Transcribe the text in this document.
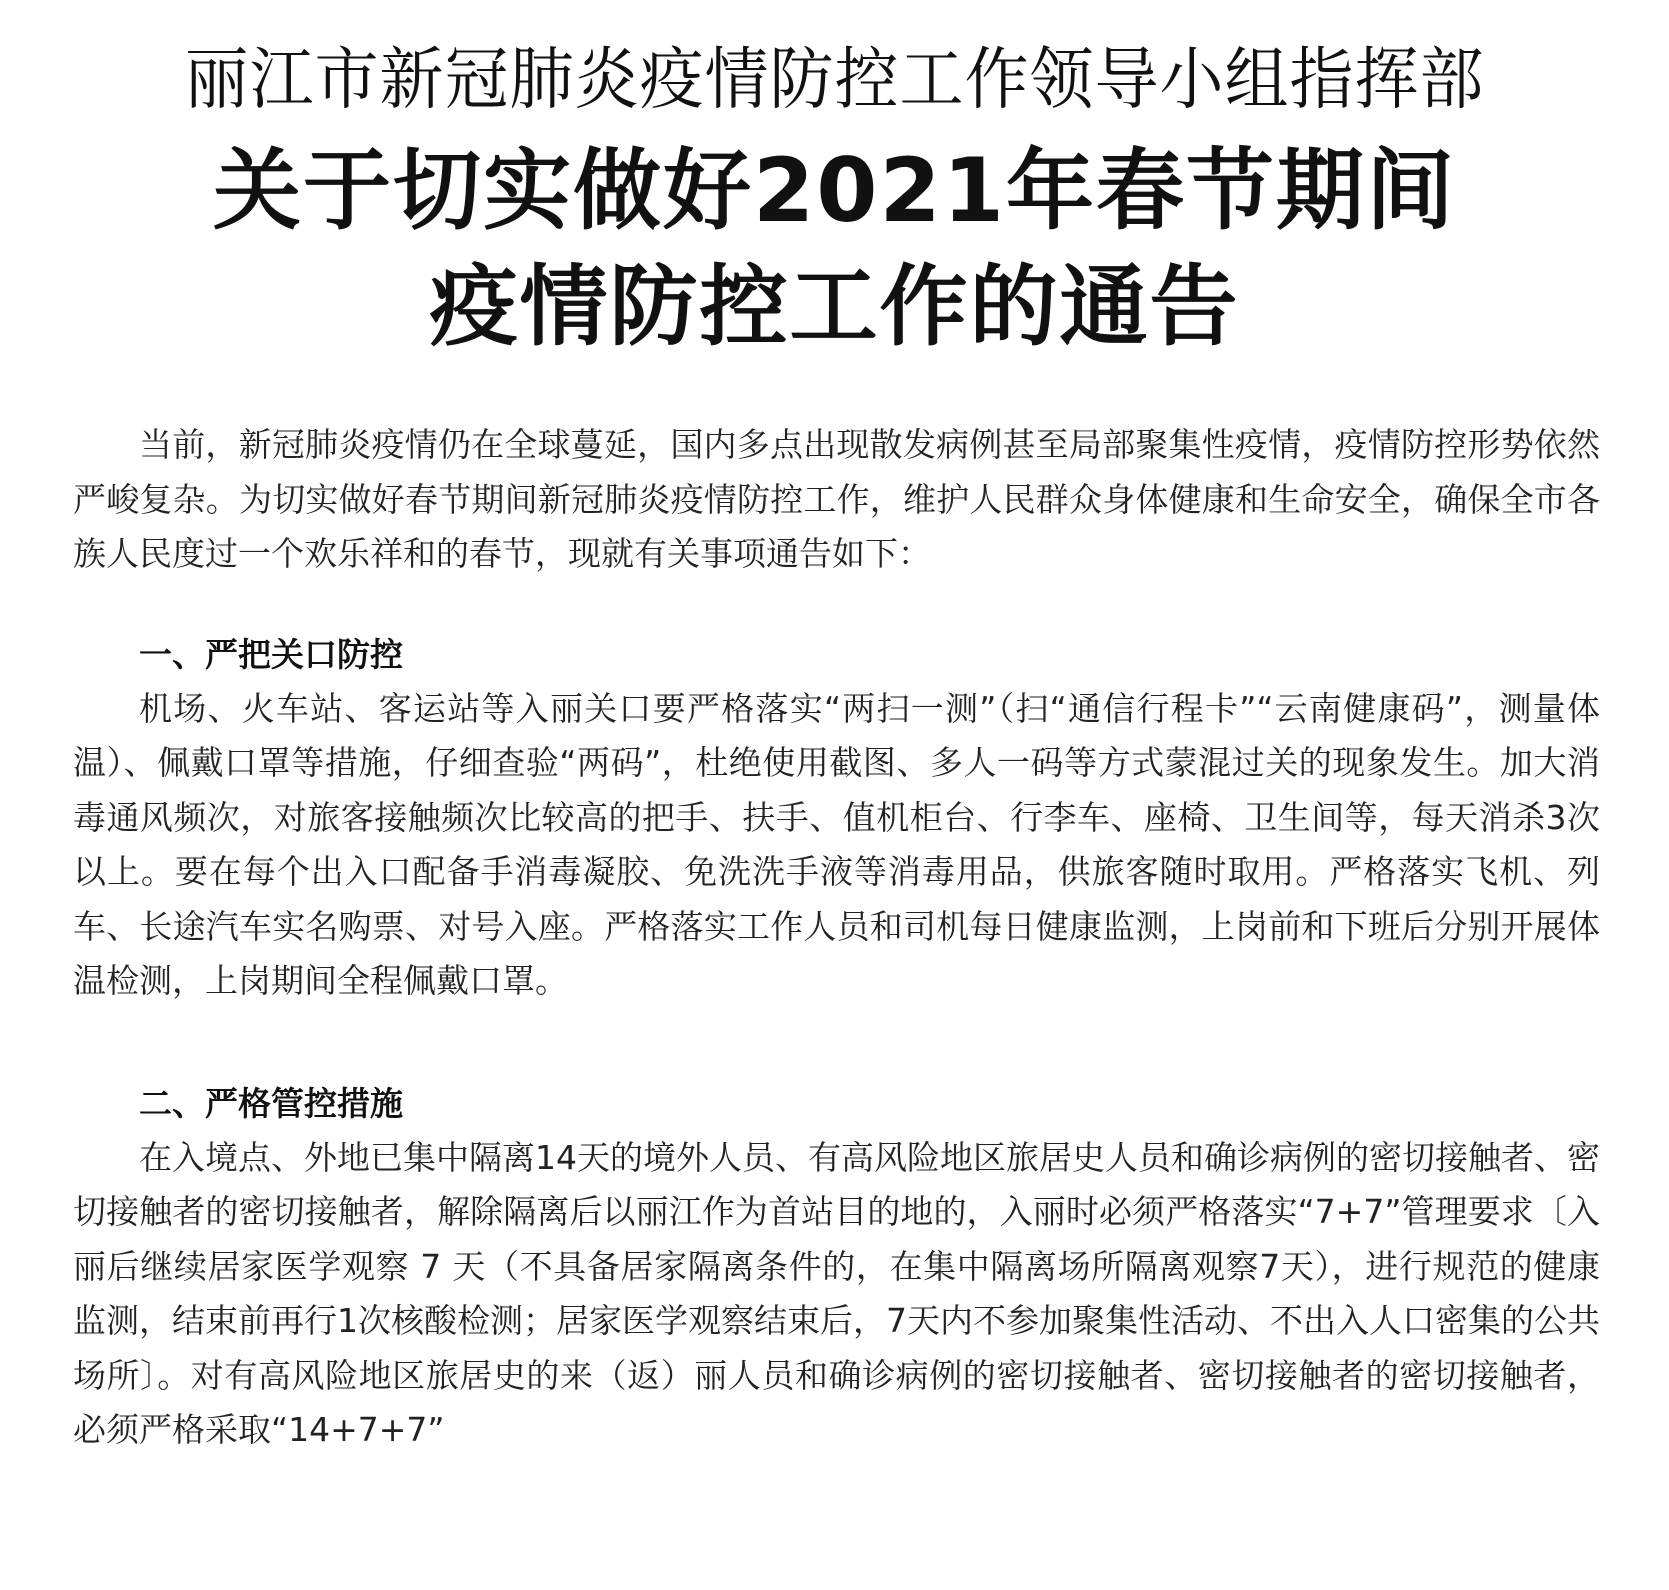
丽江市新冠肺炎疫情防控工作领导小组指挥部
关于切实做好2021年春节期间
疫情防控工作的通告

当前，新冠肺炎疫情仍在全球蔓延，国内多点出现散发病例甚至局部聚集性疫情，疫情防控形势依然严峻复杂。为切实做好春节期间新冠肺炎疫情防控工作，维护人民群众身体健康和生命安全，确保全市各族人民度过一个欢乐祥和的春节，现就有关事项通告如下：

一、严把关口防控

机场、火车站、客运站等入丽关口要严格落实“两扫一测”（扫“通信行程卡”“云南健康码”，测量体温）、佩戴口罩等措施，仔细查验“两码”，杜绝使用截图、多人一码等方式蒙混过关的现象发生。加大消毒通风频次，对旅客接触频次比较高的把手、扶手、值机柜台、行李车、座椅、卫生间等，每天消杀3次以上。要在每个出入口配备手消毒凝胶、免洗洗手液等消毒用品，供旅客随时取用。严格落实飞机、列车、长途汽车实名购票、对号入座。严格落实工作人员和司机每日健康监测，上岗前和下班后分别开展体温检测，上岗期间全程佩戴口罩。

二、严格管控措施

在入境点、外地已集中隔离14天的境外人员、有高风险地区旅居史人员和确诊病例的密切接触者、密切接触者的密切接触者，解除隔离后以丽江作为首站目的地的，入丽时必须严格落实“7+7”管理要求〔入丽后继续居家医学观察 7 天（不具备居家隔离条件的，在集中隔离场所隔离观察7天），进行规范的健康监测，结束前再行1次核酸检测；居家医学观察结束后，7天内不参加聚集性活动、不出入人口密集的公共场所〕。对有高风险地区旅居史的来（返）丽人员和确诊病例的密切接触者、密切接触者的密切接触者，必须严格采取“14+7+7”
